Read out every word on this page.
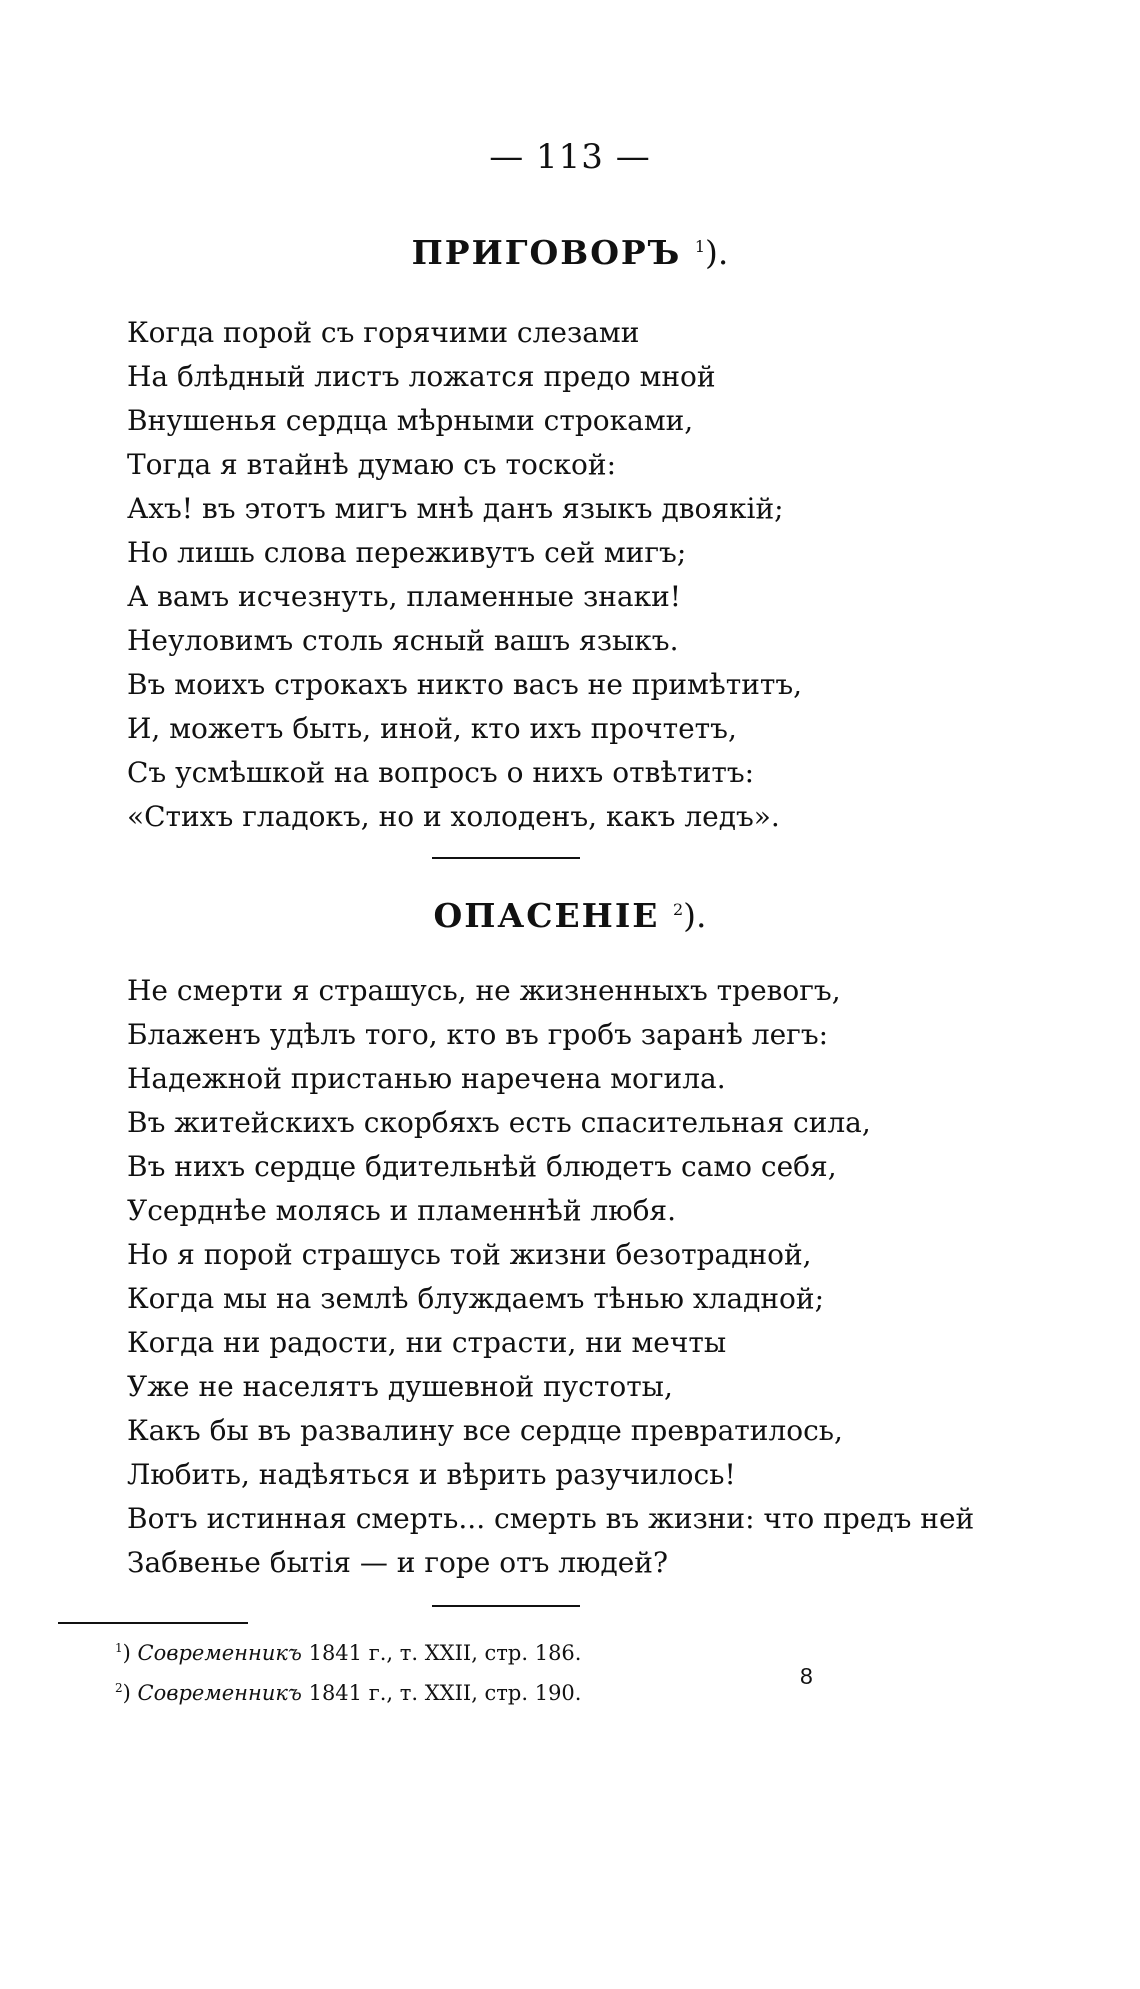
— 113 —

ПРИГОВОРЪ $^1$).
Когда порой съ горячими слезами
На блѣдный листъ ложатся предо мной
Внушенья сердца мѣрными строками,
Тогда я втайнѣ думаю съ тоской:
Ахъ! въ этотъ мигъ мнѣ данъ языкъ двоякій;
Но лишь слова переживутъ сей мигъ;
А вамъ исчезнуть, пламенные знаки!
Неуловимъ столь ясный вашъ языкъ.
Въ моихъ строкахъ никто васъ не примѣтитъ,
И, можетъ быть, иной, кто ихъ прочтетъ,
Съ усмѣшкой на вопросъ о нихъ отвѣтитъ:
«Стихъ гладокъ, но и холоденъ, какъ ледъ».
ОПАСЕНІЕ $^2$).
Не смерти я страшусь, не жизненныхъ тревогъ,
Блаженъ удѣлъ того, кто въ гробъ заранѣ легъ:
Надежной пристанью наречена могила.
Въ житейскихъ скорбяхъ есть спасительная сила,
Въ нихъ сердце бдительнѣй блюдетъ само себя,
Усерднѣе молясь и пламеннѣй любя.
Но я порой страшусь той жизни безотрадной,
Когда мы на землѣ блуждаемъ тѣнью хладной;
Когда ни радости, ни страсти, ни мечты
Уже не населятъ душевной пустоты,
Какъ бы въ развалину все сердце превратилось,
Любить, надѣяться и вѣрить разучилось!
Вотъ истинная смерть... смерть въ жизни: что предъ ней
Забвенье бытія — и горе отъ людей?
$^1$) Современникъ 1841 г., т. XXII, стр. 186.
$^2$) Современникъ 1841 г., т. XXII, стр. 190.

8
